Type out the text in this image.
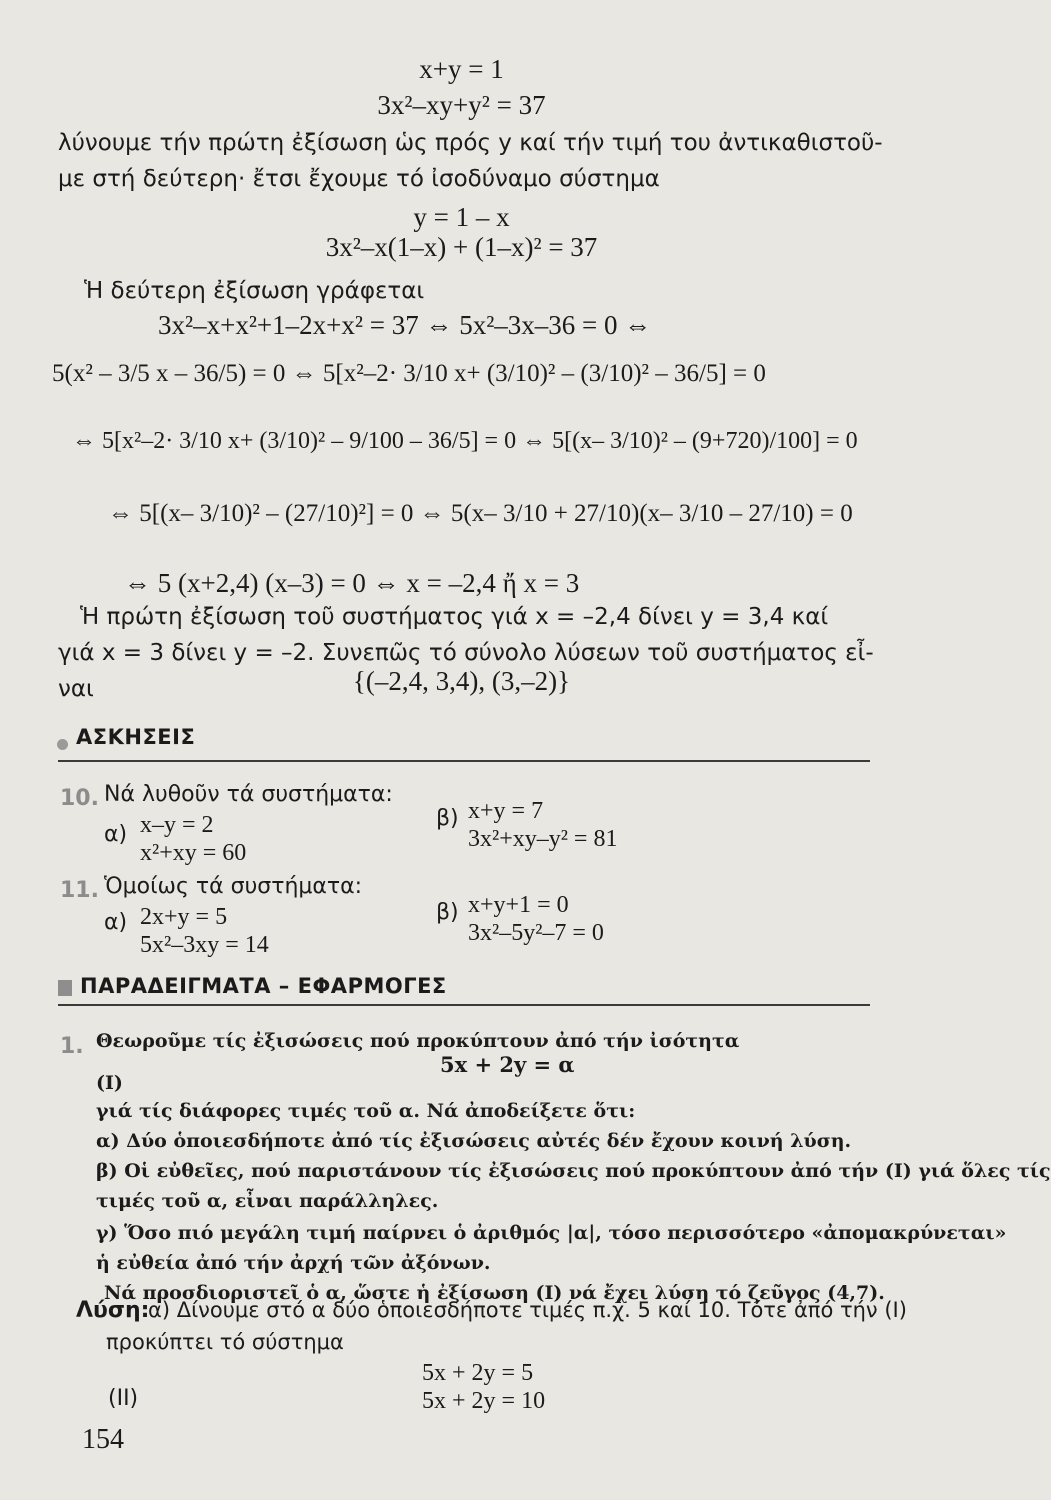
x+y = 1
3x²–xy+y² = 37
λύνουμε τήν πρώτη ἐξίσωση ὡς πρός y καί τήν τιμή του ἀντικαθιστοῦ-
με στή δεύτερη· ἔτσι ἔχουμε τό ἰσοδύναμο σύστημα
y = 1 – x
3x²–x(1–x) + (1–x)² = 37
Ἡ δεύτερη ἐξίσωση γράφεται
3x²–x+x²+1–2x+x² = 37 ⇔ 5x²–3x–36 = 0 ⇔
5(x² – 3/5 x – 36/5) = 0 ⇔ 5[x²–2· 3/10 x+ (3/10)² – (3/10)² – 36/5] = 0
⇔ 5[x²–2· 3/10 x+ (3/10)² – 9/100 – 36/5] = 0 ⇔ 5[(x– 3/10)² – (9+720)/100] = 0
⇔ 5[(x– 3/10)² – (27/10)²] = 0 ⇔ 5(x– 3/10 + 27/10)(x– 3/10 – 27/10) = 0
⇔ 5 (x+2,4) (x–3) = 0 ⇔ x = –2,4 ἤ x = 3
Ἡ πρώτη ἐξίσωση τοῦ συστήματος γιά x = –2,4 δίνει y = 3,4 καί
γιά x = 3 δίνει y = –2. Συνεπῶς τό σύνολο λύσεων τοῦ συστήματος εἶ-
ναι	{(–2,4, 3,4), (3,–2)}
ΑΣΚΗΣΕΙΣ
10. Νά λυθοῦν τά συστήματα:
α) x–y = 2
x²+xy = 60
β) x+y = 7
3x²+xy–y² = 81
11. Ὁμοίως τά συστήματα:
α) 2x+y = 5
5x²–3xy = 14
β) x+y+1 = 0
3x²–5y²–7 = 0
ΠΑΡΑΔΕΙΓΜΑΤΑ – ΕΦΑΡΜΟΓΕΣ
1. Θεωροῦμε τίς ἐξισώσεις πού προκύπτουν ἀπό τήν ἰσότητα
(I)
5x + 2y = α
γιά τίς διάφορες τιμές τοῦ α. Νά ἀποδείξετε ὅτι:
α) Δύο ὁποιεσδήποτε ἀπό τίς ἐξισώσεις αὐτές δέν ἔχουν κοινή λύση.
β) Οἱ εὐθεῖες, πού παριστάνουν τίς ἐξισώσεις πού προκύπτουν ἀπό τήν (I) γιά ὅλες τίς
τιμές τοῦ α, εἶναι παράλληλες.
γ) Ὅσο πιό μεγάλη τιμή παίρνει ὁ ἀριθμός |α|, τόσο περισσότερο «ἀπομακρύνεται»
ἡ εὐθεία ἀπό τήν ἀρχή τῶν ἀξόνων.
Νά προσδιοριστεῖ ὁ α, ὥστε ἡ ἐξίσωση (I) νά ἔχει λύση τό ζεῦγος (4,7).
Λύση:
α) Δίνουμε στό α δύο ὁποιεσδήποτε τιμές π.χ. 5 καί 10. Τότε ἀπό τήν (I)
προκύπτει τό σύστημα
(II)
5x + 2y = 5
5x + 2y = 10
154
